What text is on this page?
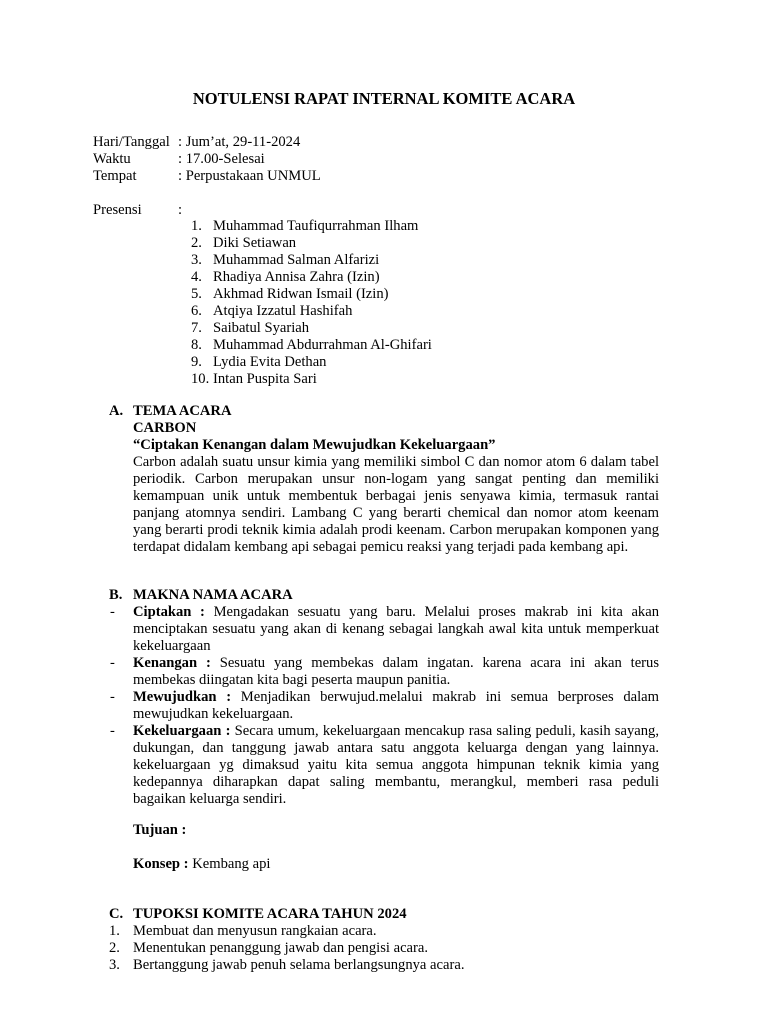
NOTULENSI RAPAT INTERNAL KOMITE ACARA
Hari/Tanggal : Jum’at, 29-11-2024
Waktu	: 17.00-Selesai
Tempat	: Perpustakaan UNMUL
Presensi :
1. Muhammad Taufiqurrahman Ilham
2. Diki Setiawan
3. Muhammad Salman Alfarizi
4. Rhadiya Annisa Zahra (Izin)
5. Akhmad Ridwan Ismail (Izin)
6. Atqiya Izzatul Hashifah
7. Saibatul Syariah
8. Muhammad Abdurrahman Al-Ghifari
9. Lydia Evita Dethan
10. Intan Puspita Sari
A. TEMA ACARA
CARBON
“Ciptakan Kenangan dalam Mewujudkan Kekeluargaan”
Carbon adalah suatu unsur kimia yang memiliki simbol C dan nomor atom 6 dalam tabel periodik. Carbon merupakan unsur non-logam yang sangat penting dan memiliki kemampuan unik untuk membentuk berbagai jenis senyawa kimia, termasuk rantai panjang atomnya sendiri. Lambang C yang berarti chemical dan nomor atom keenam yang berarti prodi teknik kimia adalah prodi keenam. Carbon merupakan komponen yang terdapat didalam kembang api sebagai pemicu reaksi yang terjadi pada kembang api.
B. MAKNA NAMA ACARA
- Ciptakan : Mengadakan sesuatu yang baru. Melalui proses makrab ini kita akan menciptakan sesuatu yang akan di kenang sebagai langkah awal kita untuk memperkuat kekeluargaan
- Kenangan : Sesuatu yang membekas dalam ingatan. karena acara ini akan terus membekas diingatan kita bagi peserta maupun panitia.
- Mewujudkan : Menjadikan berwujud.melalui makrab ini semua berproses dalam mewujudkan kekeluargaan.
- Kekeluargaan : Secara umum, kekeluargaan mencakup rasa saling peduli, kasih sayang, dukungan, dan tanggung jawab antara satu anggota keluarga dengan yang lainnya. kekeluargaan yg dimaksud yaitu kita semua anggota himpunan teknik kimia yang kedepannya diharapkan dapat saling membantu, merangkul, memberi rasa peduli bagaikan keluarga sendiri.
Tujuan :
Konsep : Kembang api
C. TUPOKSI KOMITE ACARA TAHUN 2024
1. Membuat dan menyusun rangkaian acara.
2. Menentukan penanggung jawab dan pengisi acara.
3. Bertanggung jawab penuh selama berlangsungnya acara.
